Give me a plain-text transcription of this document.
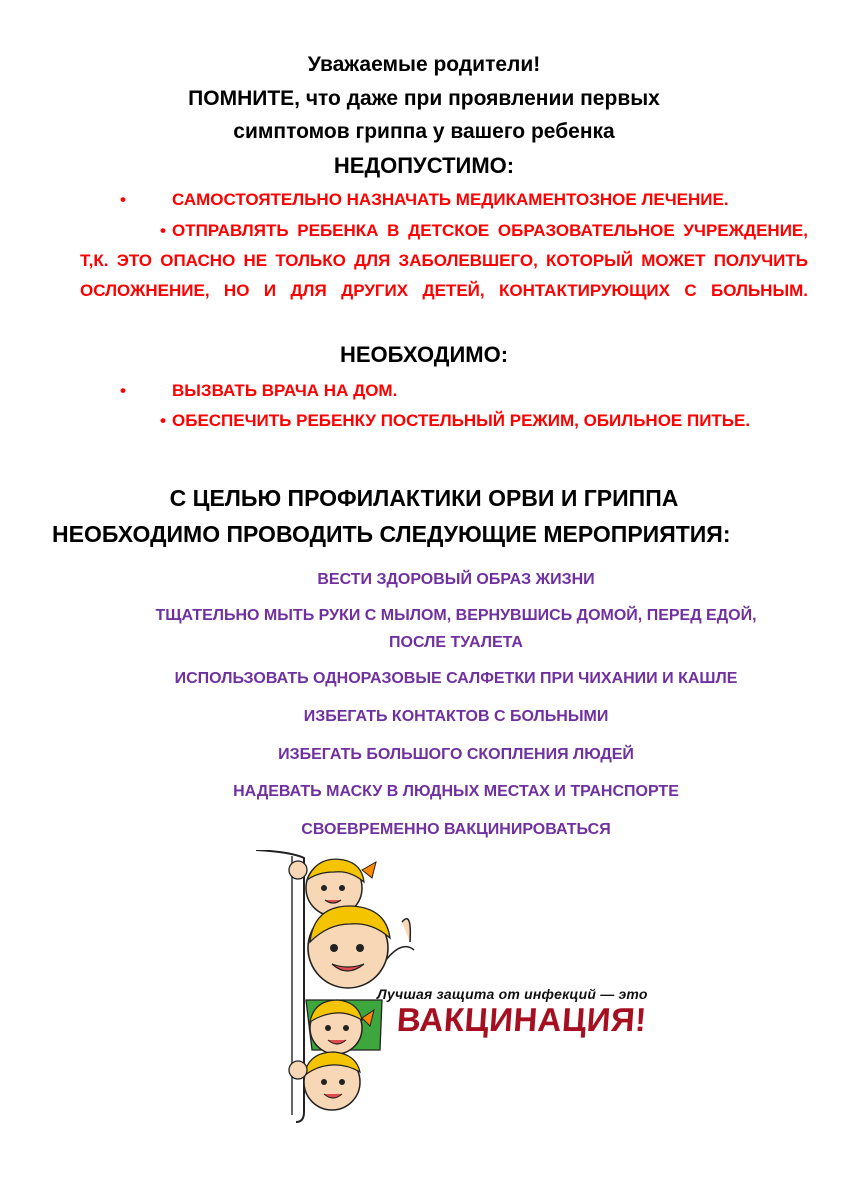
Уважаемые родители!
ПОМНИТЕ, что даже при проявлении первых
симптомов гриппа у вашего ребенка
НЕДОПУСТИМО:
•	САМОСТОЯТЕЛЬНО НАЗНАЧАТЬ МЕДИКАМЕНТОЗНОЕ ЛЕЧЕНИЕ.
• ОТПРАВЛЯТЬ РЕБЕНКА В ДЕТСКОЕ ОБРАЗОВАТЕЛЬНОЕ УЧРЕЖДЕНИЕ, Т,К. ЭТО ОПАСНО НЕ ТОЛЬКО ДЛЯ ЗАБОЛЕВШЕГО, КОТОРЫЙ МОЖЕТ ПОЛУЧИТЬ ОСЛОЖНЕНИЕ, НО И ДЛЯ ДРУГИХ ДЕТЕЙ, КОНТАКТИРУЮЩИХ С БОЛЬНЫМ.
НЕОБХОДИМО:
•	ВЫЗВАТЬ ВРАЧА НА ДОМ.
• ОБЕСПЕЧИТЬ РЕБЕНКУ ПОСТЕЛЬНЫЙ РЕЖИМ, ОБИЛЬНОЕ ПИТЬЕ.
С ЦЕЛЬЮ ПРОФИЛАКТИКИ ОРВИ И ГРИППА
НЕОБХОДИМО ПРОВОДИТЬ СЛЕДУЮЩИЕ МЕРОПРИЯТИЯ:
ВЕСТИ ЗДОРОВЫЙ ОБРАЗ ЖИЗНИ
ТЩАТЕЛЬНО МЫТЬ РУКИ С МЫЛОМ, ВЕРНУВШИСЬ ДОМОЙ, ПЕРЕД ЕДОЙ,
ПОСЛЕ ТУАЛЕТА
ИСПОЛЬЗОВАТЬ ОДНОРАЗОВЫЕ САЛФЕТКИ ПРИ ЧИХАНИИ И КАШЛЕ
ИЗБЕГАТЬ КОНТАКТОВ С БОЛЬНЫМИ
ИЗБЕГАТЬ БОЛЬШОГО СКОПЛЕНИЯ ЛЮДЕЙ
НАДЕВАТЬ МАСКУ В ЛЮДНЫХ МЕСТАХ И ТРАНСПОРТЕ
СВОЕВРЕМЕННО ВАКЦИНИРОВАТЬСЯ
Лучшая защита от инфекций — это
ВАКЦИНАЦИЯ!
